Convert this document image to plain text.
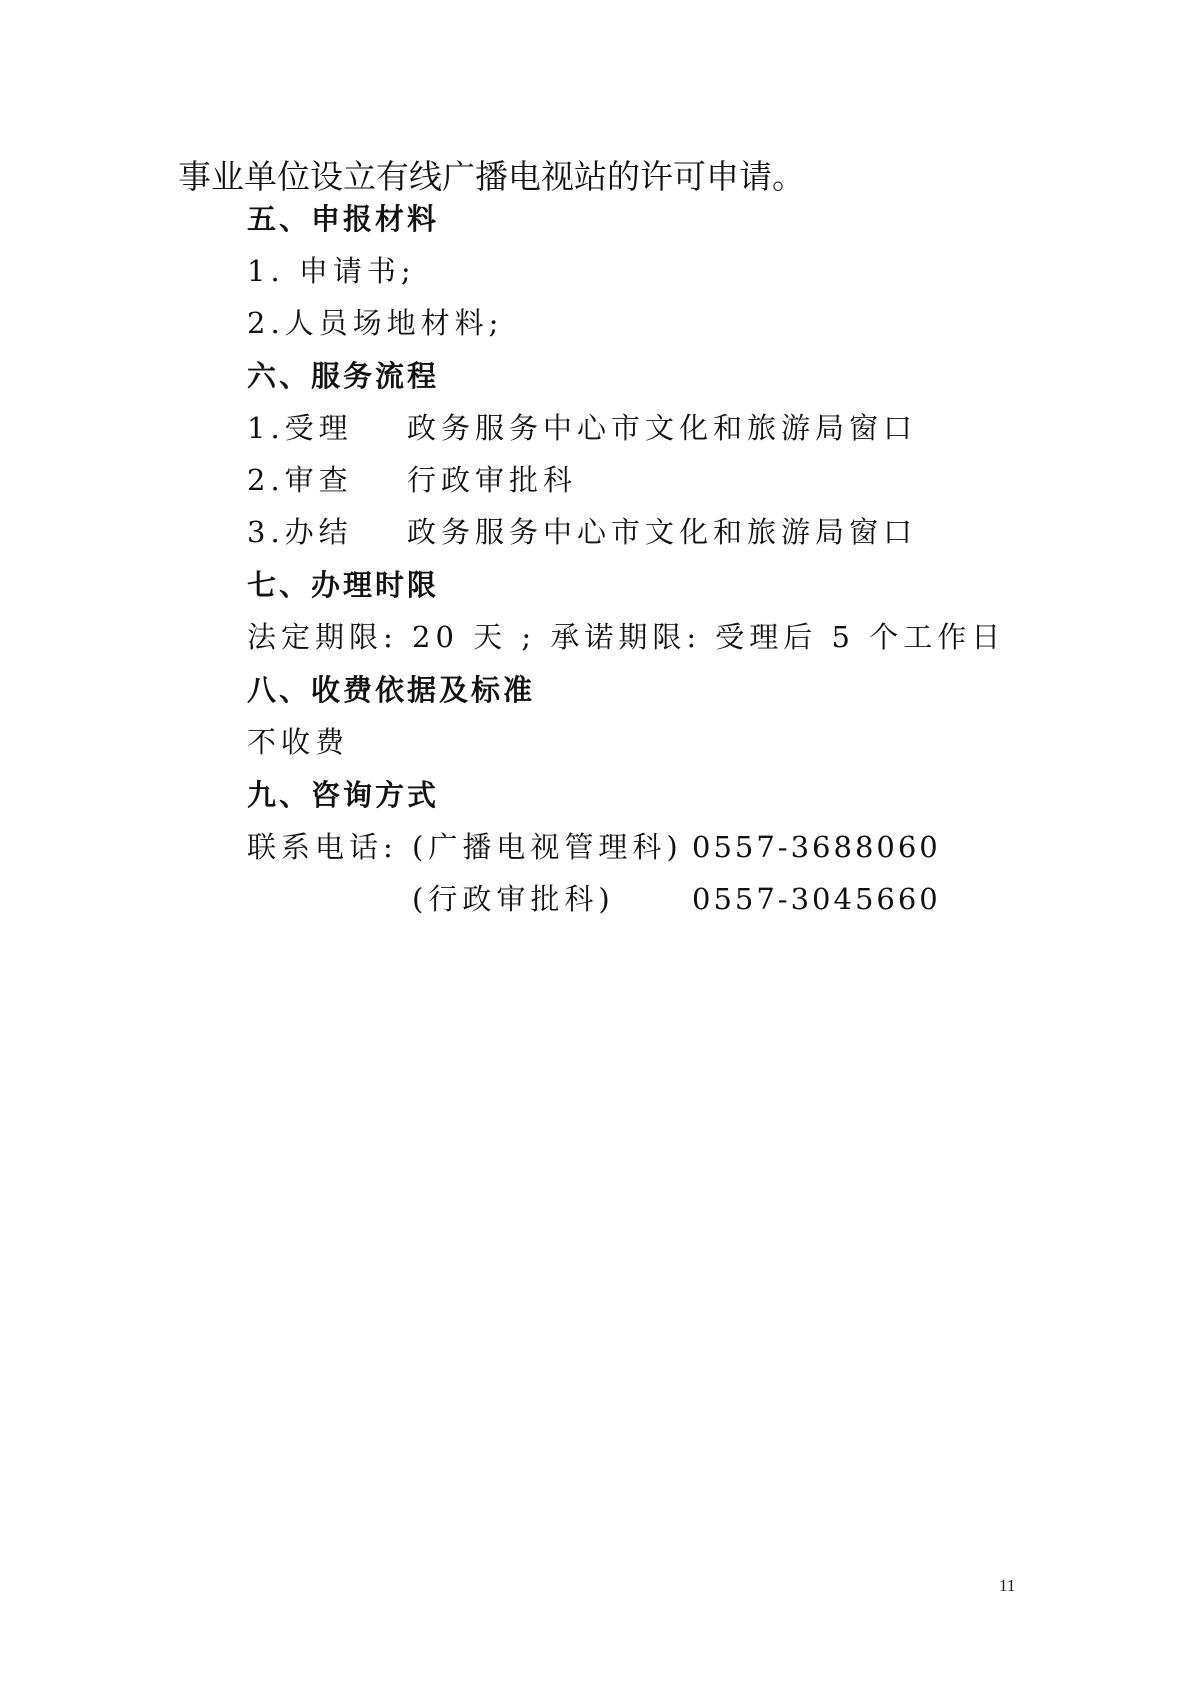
事业单位设立有线广播电视站的许可申请。
五、申报材料
1. 申请书;
2.人员场地材料;
六、服务流程
1.受理 政务服务中心市文化和旅游局窗口
2.审查 行政审批科
3.办结 政务服务中心市文化和旅游局窗口
七、办理时限
法定期限: 20 天 ; 承诺期限: 受理后 5 个工作日
八、收费依据及标准
不收费
九、咨询方式
联系电话: (广播电视管理科) 0557-3688060
(行政审批科)	0557-3045660
11
